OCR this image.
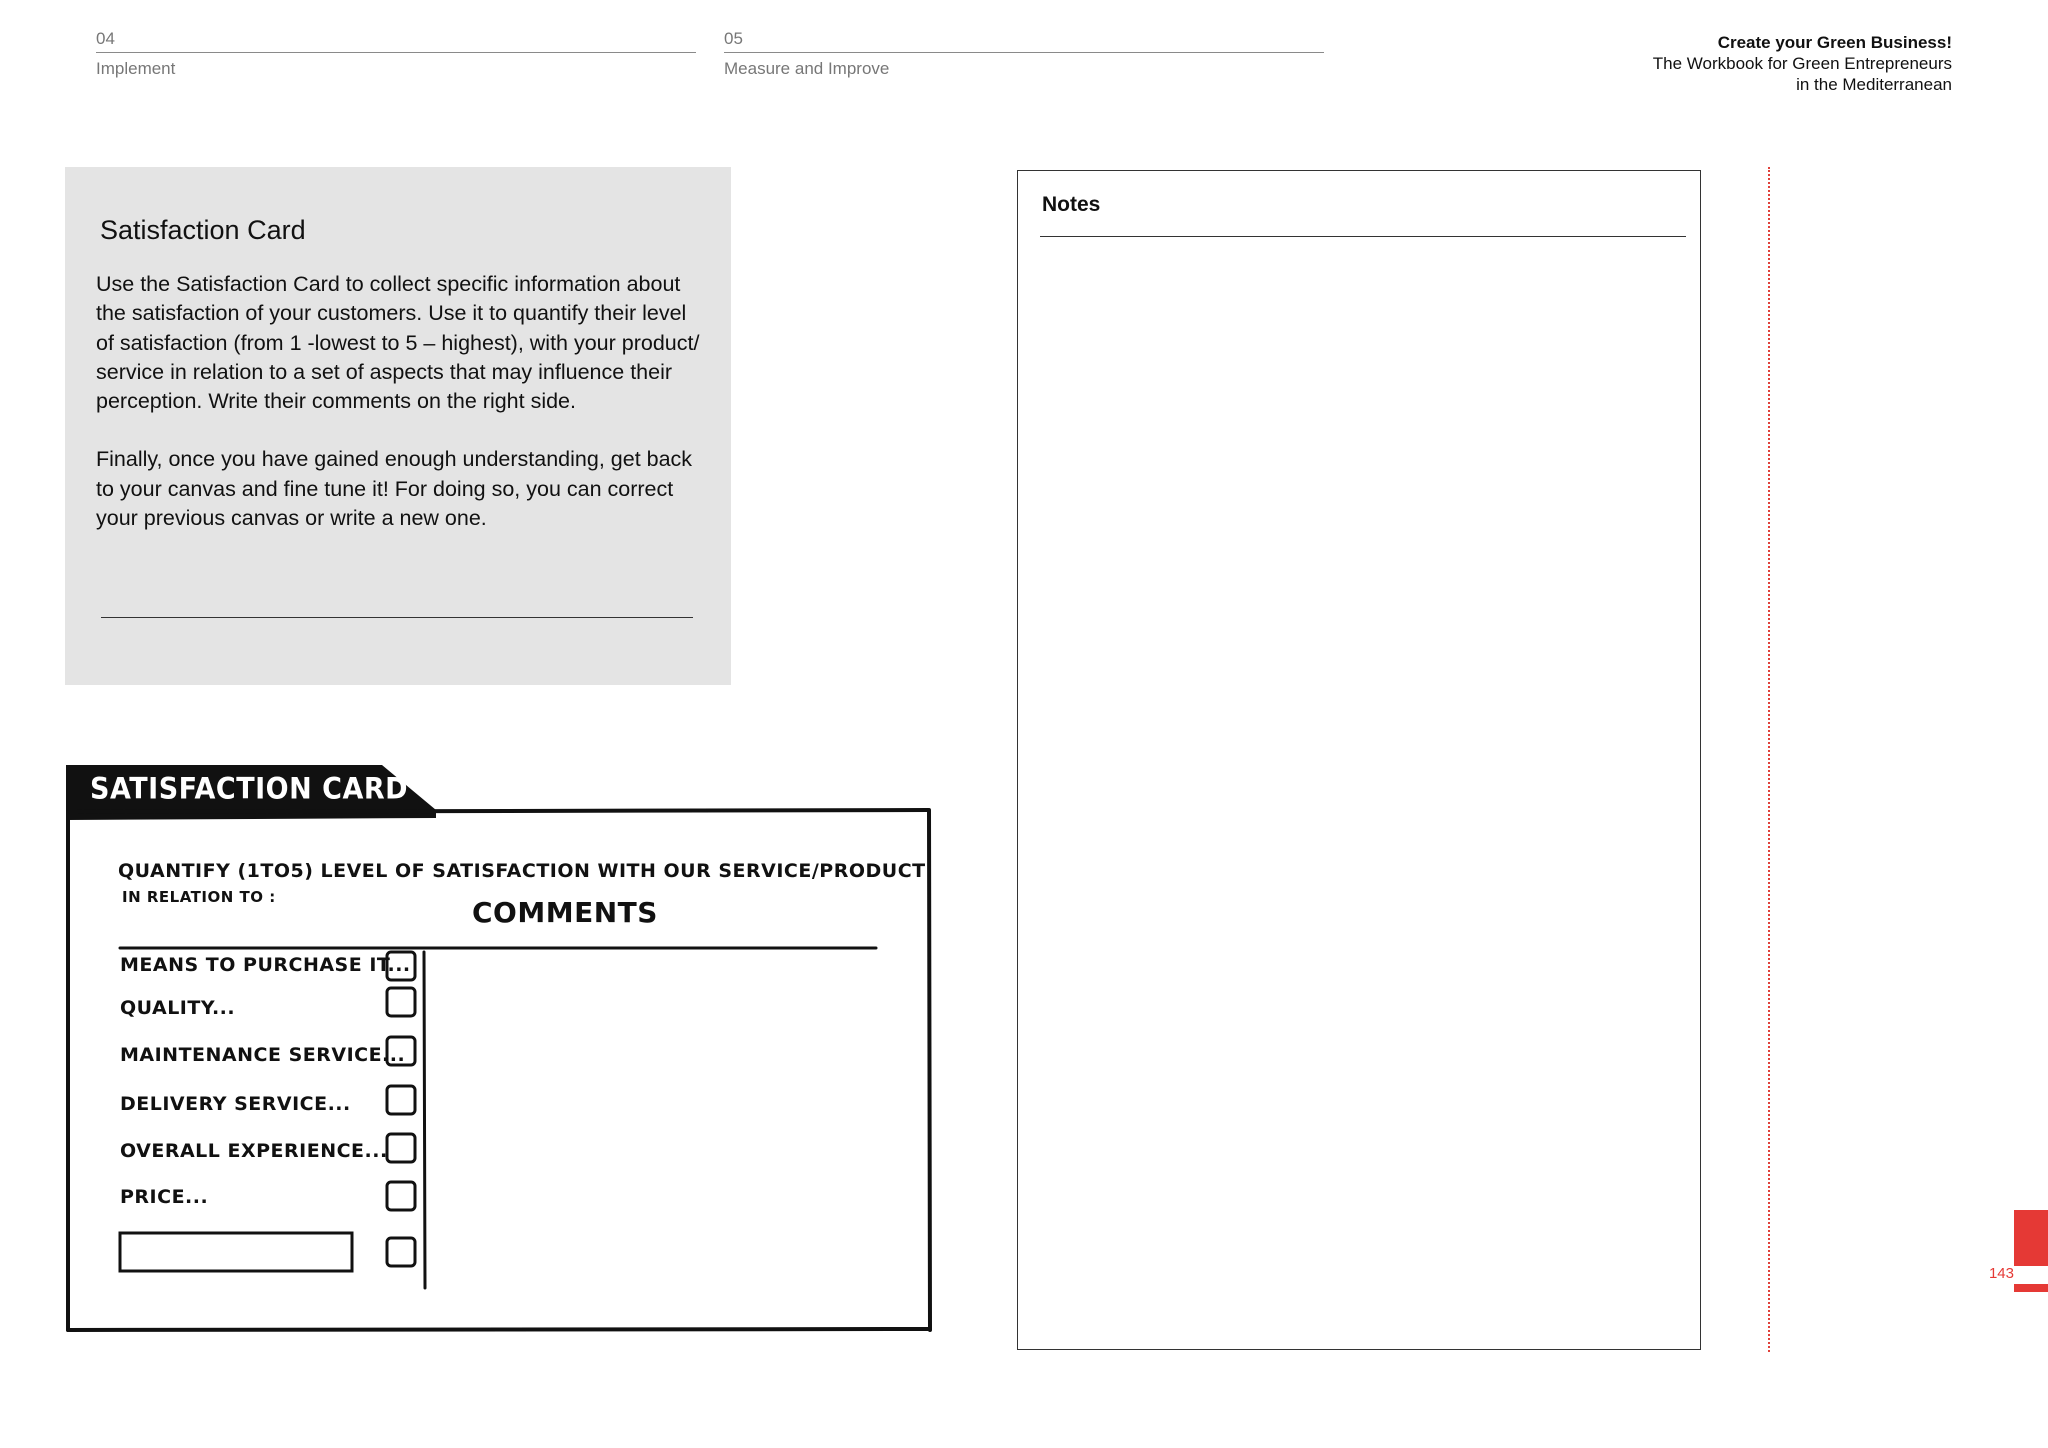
04
Implement
05
Measure and Improve
Create your Green Business!
The Workbook for Green Entrepreneurs
in the Mediterranean
Satisfaction Card

Use the Satisfaction Card to collect specific information about the satisfaction of your customers. Use it to quantify their level of satisfaction (from 1 -lowest to 5 – highest), with your product/ service in relation to a set of aspects that may influence their perception. Write their comments on the right side.

Finally, once you have gained enough understanding, get back to your canvas and fine tune it! For doing so, you can correct your previous canvas or write a new one.

SATISFACTION CARD
QUANTIFY (1TO5) LEVEL OF SATISFACTION WITH OUR SERVICE/PRODUCT
IN RELATION TO :	COMMENTS
MEANS TO PURCHASE IT...
QUALITY...
MAINTENANCE SERVICE...
DELIVERY SERVICE...
OVERALL EXPERIENCE...
PRICE...
Notes
143
